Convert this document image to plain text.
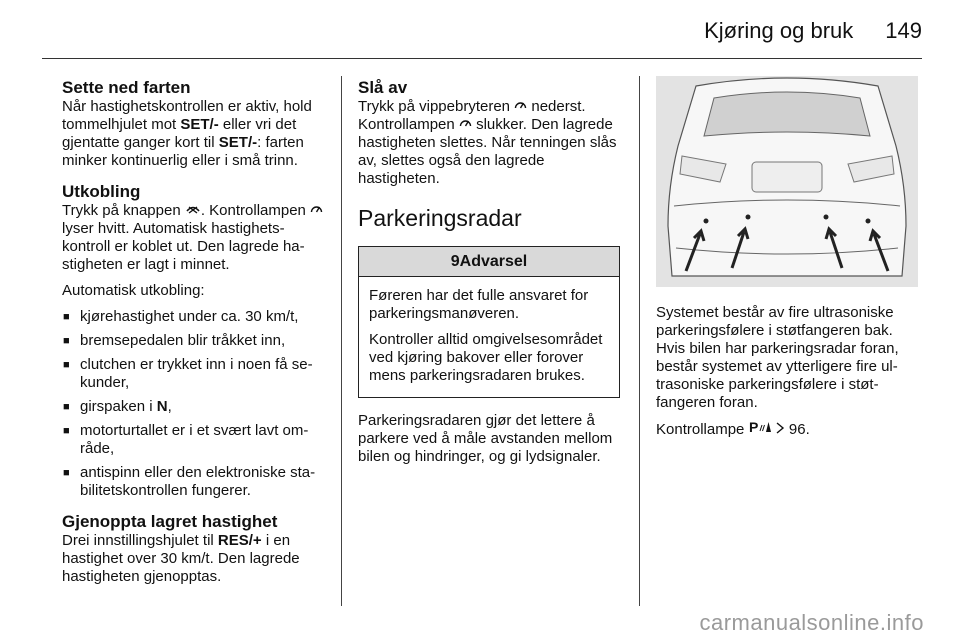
Kjøring og bruk 149
Sette ned farten

Når hastighetskontrollen er aktiv, hold tommelhjulet mot SET/- eller vri det gjentatte ganger kort til SET/-: farten minker kontinuerlig eller i små trinn.

Utkobling

Trykk på knappen . Kontrollampen  lyser hvitt. Automatisk hastighetskontroll er koblet ut. Den lagrede hastigheten er lagt i minnet.

Automatisk utkobling:

■ kjørehastighet under ca. 30 km/t,
■ bremsepedalen blir tråkket inn,
■ clutchen er trykket inn i noen få sekunder,
■ girspaken i N,
■ motorturtallet er i et svært lavt område,
■ antispinn eller den elektroniske stabilitetskontrollen fungerer.
Gjenoppta lagret hastighet

Drei innstillingshjulet til RES/+ i en hastighet over 30 km/t. Den lagrede hastigheten gjenopptas.

Slå av

Trykk på vippebryteren  nederst. Kontrollampen  slukker. Den lagrede hastigheten slettes. Når tenningen slås av, slettes også den lagrede hastigheten.

Parkeringsradar
9Advarsel

Føreren har det fulle ansvaret for parkeringsmanøveren.

Kontroller alltid omgivelsesområdet ved kjøring bakover eller forover mens parkeringsradaren brukes.

Parkeringsradaren gjør det lettere å parkere ved å måle avstanden mellom bilen og hindringer, og gi lydsignaler.

Systemet består av fire ultrasoniske parkeringsfølere i støtfangeren bak. Hvis bilen har parkeringsradar foran, består systemet av ytterligere fire ultrasoniske parkeringsfølere i støtfangeren foran.

Kontrollampe P 96.

carmanualsonline.info
